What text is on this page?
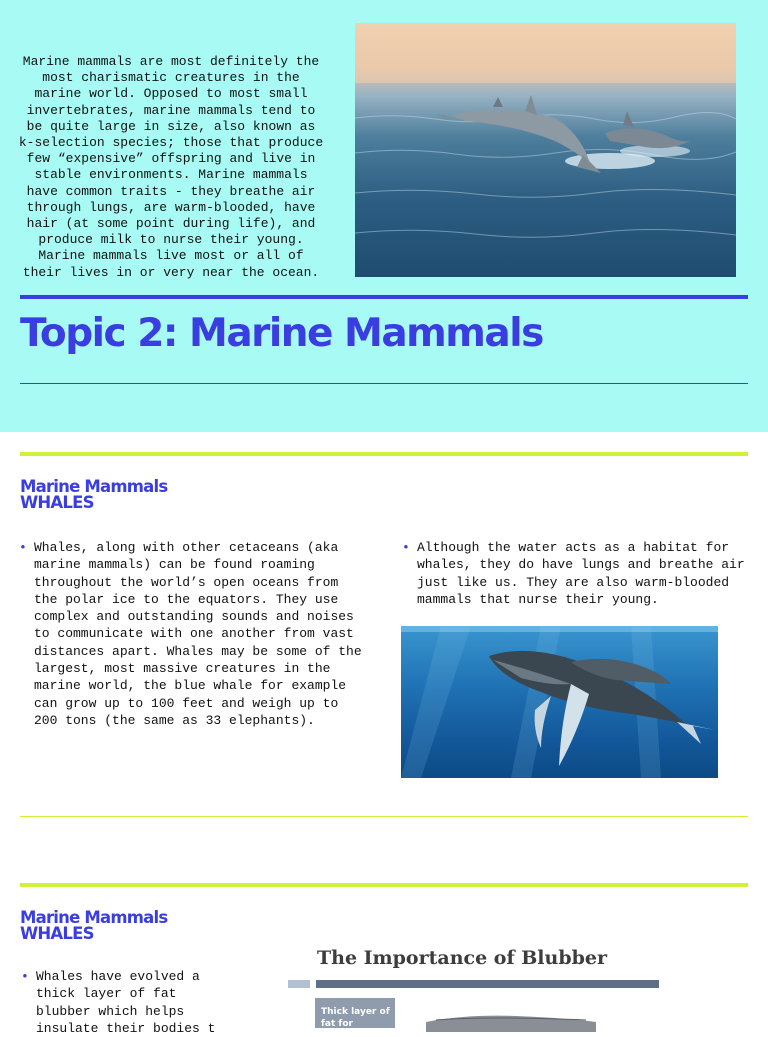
Marine mammals are most definitely the most charismatic creatures in the marine world. Opposed to most small invertebrates, marine mammals tend to be quite large in size, also known as k-selection species; those that produce few “expensive” offspring and live in stable environments. Marine mammals have common traits - they breathe air through lungs, are warm-blooded, have hair (at some point during life), and produce milk to nurse their young. Marine mammals live most or all of their lives in or very near the ocean.

Topic 2: Marine Mammals
Marine Mammals
WHALES
• Whales, along with other cetaceans (aka marine mammals) can be found roaming throughout the world’s open oceans from the polar ice to the equators. They use complex and outstanding sounds and noises to communicate with one another from vast distances apart. Whales may be some of the largest, most massive creatures in the marine world, the blue whale for example can grow up to 100 feet and weigh up to 200 tons (the same as 33 elephants).
• Although the water acts as a habitat for whales, they do have lungs and breathe air just like us. They are also warm-blooded mammals that nurse their young.
Marine Mammals
WHALES
• Whales have evolved a thick layer of fat blubber which helps insulate their bodies t
The Importance of Blubber
Thick layer of fat for
